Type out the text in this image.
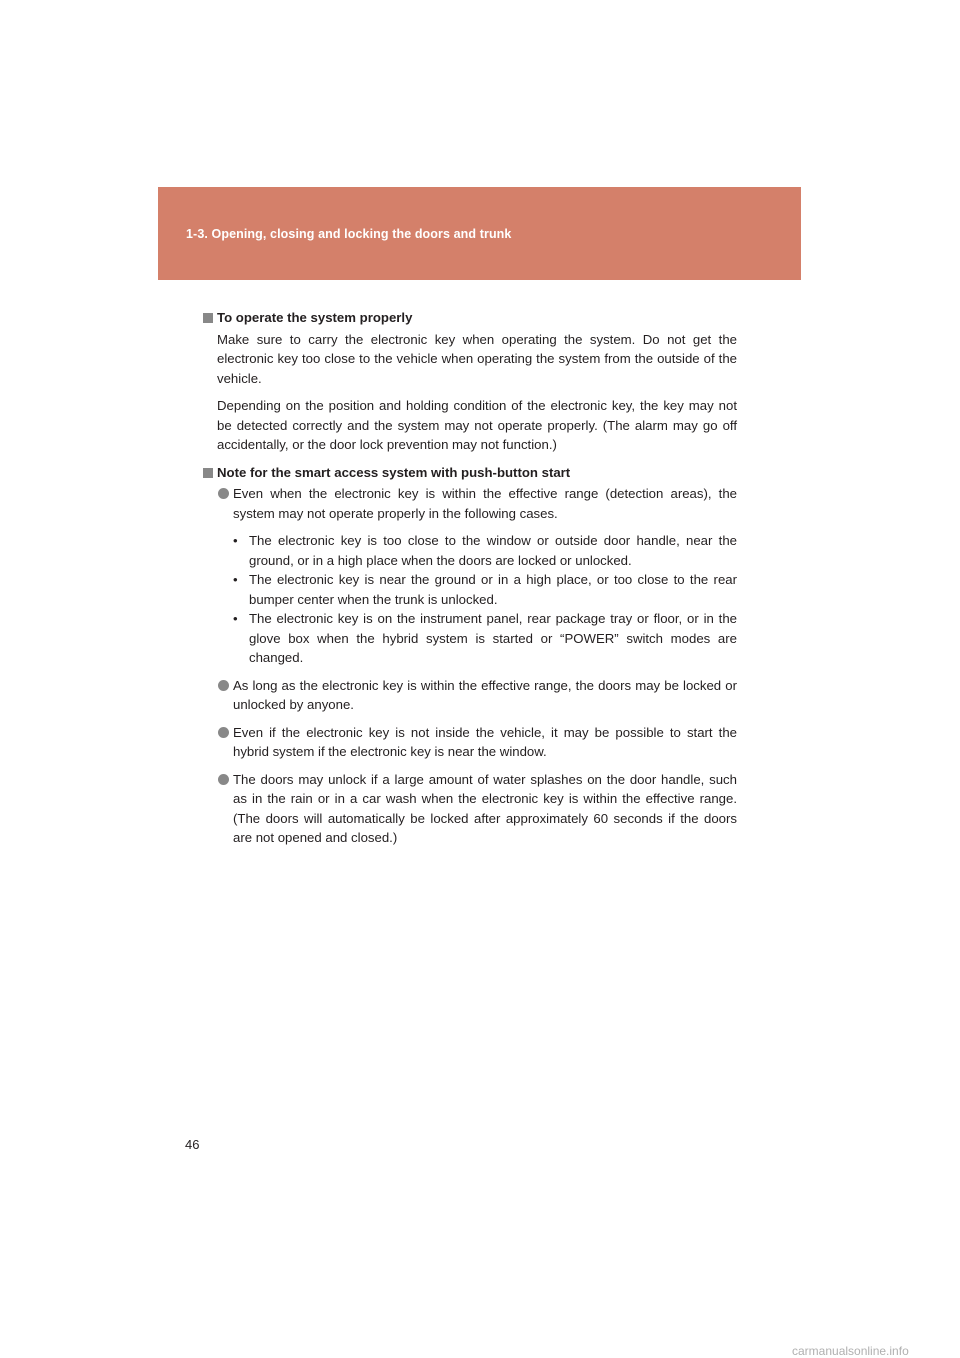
1-3. Opening, closing and locking the doors and trunk
To operate the system properly

Make sure to carry the electronic key when operating the system. Do not get the electronic key too close to the vehicle when operating the system from the outside of the vehicle.

Depending on the position and holding condition of the electronic key, the key may not be detected correctly and the system may not operate properly. (The alarm may go off accidentally, or the door lock prevention may not function.)

Note for the smart access system with push-button start
Even when the electronic key is within the effective range (detection areas), the system may not operate properly in the following cases.
• The electronic key is too close to the window or outside door handle, near the ground, or in a high place when the doors are locked or unlocked.
• The electronic key is near the ground or in a high place, or too close to the rear bumper center when the trunk is unlocked.
• The electronic key is on the instrument panel, rear package tray or floor, or in the glove box when the hybrid system is started or “POWER” switch modes are changed.
As long as the electronic key is within the effective range, the doors may be locked or unlocked by anyone.
Even if the electronic key is not inside the vehicle, it may be possible to start the hybrid system if the electronic key is near the window.
The doors may unlock if a large amount of water splashes on the door handle, such as in the rain or in a car wash when the electronic key is within the effective range. (The doors will automatically be locked after approximately 60 seconds if the doors are not opened and closed.)
46
carmanualsonline.info
